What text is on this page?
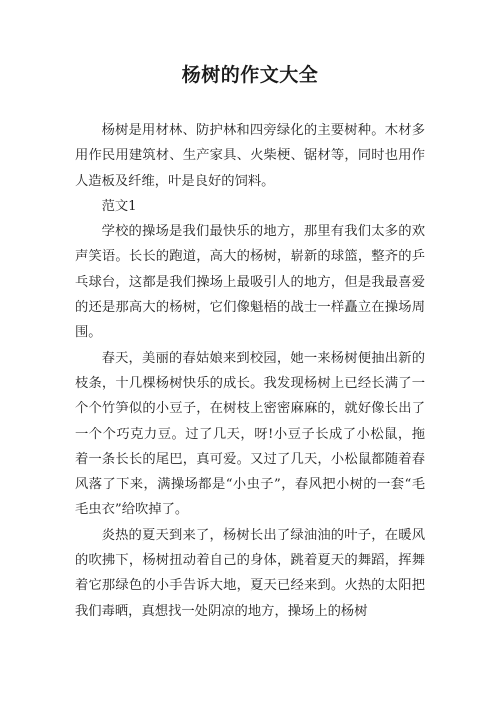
杨树的作文大全

杨树是用材林、防护林和四旁绿化的主要树种。木材多用作民用建筑材、生产家具、火柴梗、锯材等，同时也用作人造板及纤维，叶是良好的饲料。

范文1

学校的操场是我们最快乐的地方，那里有我们太多的欢声笑语。长长的跑道，高大的杨树，崭新的球篮，整齐的乒乓球台，这都是我们操场上最吸引人的地方，但是我最喜爱的还是那高大的杨树，它们像魁梧的战士一样矗立在操场周围。

春天，美丽的春姑娘来到校园，她一来杨树便抽出新的枝条，十几棵杨树快乐的成长。我发现杨树上已经长满了一个个竹笋似的小豆子，在树枝上密密麻麻的，就好像长出了一个个巧克力豆。过了几天，呀!小豆子长成了小松鼠，拖着一条长长的尾巴，真可爱。又过了几天，小松鼠都随着春风落了下来，满操场都是“小虫子”，春风把小树的一套“毛毛虫衣”给吹掉了。

炎热的夏天到来了，杨树长出了绿油油的叶子，在暖风的吹拂下，杨树扭动着自己的身体，跳着夏天的舞蹈，挥舞着它那绿色的小手告诉大地，夏天已经来到。火热的太阳把我们毒晒，真想找一处阴凉的地方，操场上的杨树
